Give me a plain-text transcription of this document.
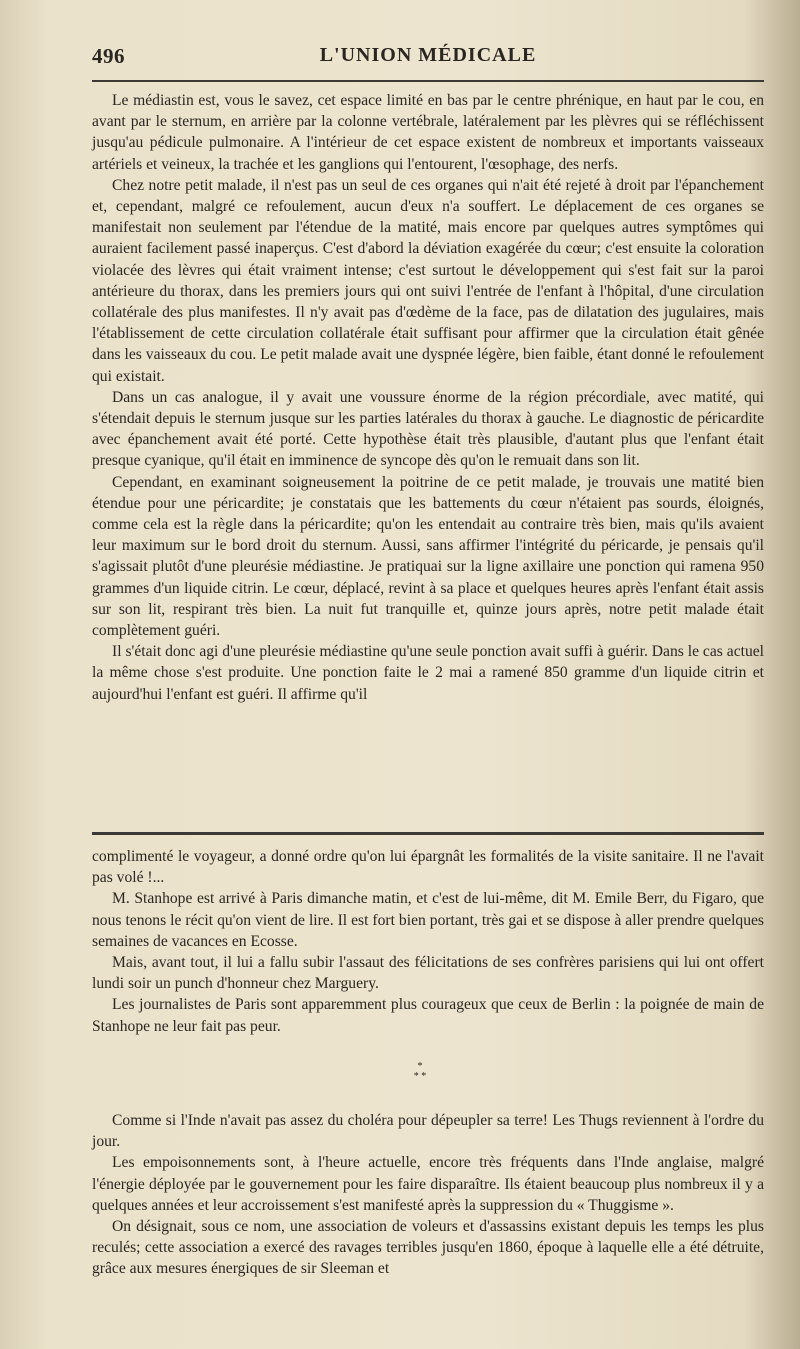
496	L'UNION MÉDICALE

Le médiastin est, vous le savez, cet espace limité en bas par le centre phrénique, en haut par le cou, en avant par le sternum, en arrière par la colonne vertébrale, latéralement par les plèvres qui se réfléchissent jusqu'au pédicule pulmonaire. A l'intérieur de cet espace existent de nombreux et importants vaisseaux artériels et veineux, la trachée et les ganglions qui l'entourent, l'œsophage, des nerfs.

Chez notre petit malade, il n'est pas un seul de ces organes qui n'ait été rejeté à droit par l'épanchement et, cependant, malgré ce refoulement, aucun d'eux n'a souffert. Le déplacement de ces organes se manifestait non seulement par l'étendue de la matité, mais encore par quelques autres symptômes qui auraient facilement passé inaperçus. C'est d'abord la déviation exagérée du cœur; c'est ensuite la coloration violacée des lèvres qui était vraiment intense; c'est surtout le développement qui s'est fait sur la paroi antérieure du thorax, dans les premiers jours qui ont suivi l'entrée de l'enfant à l'hôpital, d'une circulation collatérale des plus manifestes. Il n'y avait pas d'œdème de la face, pas de dilatation des jugulaires, mais l'établissement de cette circulation collatérale était suffisant pour affirmer que la circulation était gênée dans les vaisseaux du cou. Le petit malade avait une dyspnée légère, bien faible, étant donné le refoulement qui existait.

Dans un cas analogue, il y avait une voussure énorme de la région précordiale, avec matité, qui s'étendait depuis le sternum jusque sur les parties latérales du thorax à gauche. Le diagnostic de péricardite avec épanchement avait été porté. Cette hypothèse était très plausible, d'autant plus que l'enfant était presque cyanique, qu'il était en imminence de syncope dès qu'on le remuait dans son lit.

Cependant, en examinant soigneusement la poitrine de ce petit malade, je trouvais une matité bien étendue pour une péricardite; je constatais que les battements du cœur n'étaient pas sourds, éloignés, comme cela est la règle dans la péricardite; qu'on les entendait au contraire très bien, mais qu'ils avaient leur maximum sur le bord droit du sternum. Aussi, sans affirmer l'intégrité du péricarde, je pensais qu'il s'agissait plutôt d'une pleurésie médiastine. Je pratiquai sur la ligne axillaire une ponction qui ramena 950 grammes d'un liquide citrin. Le cœur, déplacé, revint à sa place et quelques heures après l'enfant était assis sur son lit, respirant très bien. La nuit fut tranquille et, quinze jours après, notre petit malade était complètement guéri.

Il s'était donc agi d'une pleurésie médiastine qu'une seule ponction avait suffi à guérir. Dans le cas actuel la même chose s'est produite. Une ponction faite le 2 mai a ramené 850 gramme d'un liquide citrin et aujourd'hui l'enfant est guéri. Il affirme qu'il

complimenté le voyageur, a donné ordre qu'on lui épargnât les formalités de la visite sanitaire. Il ne l'avait pas volé !...

M. Stanhope est arrivé à Paris dimanche matin, et c'est de lui-même, dit M. Emile Berr, du Figaro, que nous tenons le récit qu'on vient de lire. Il est fort bien portant, très gai et se dispose à aller prendre quelques semaines de vacances en Ecosse.

Mais, avant tout, il lui a fallu subir l'assaut des félicitations de ses confrères parisiens qui lui ont offert lundi soir un punch d'honneur chez Marguery.

Les journalistes de Paris sont apparemment plus courageux que ceux de Berlin : la poignée de main de Stanhope ne leur fait pas peur.

*
* *

Comme si l'Inde n'avait pas assez du choléra pour dépeupler sa terre! Les Thugs reviennent à l'ordre du jour.

Les empoisonnements sont, à l'heure actuelle, encore très fréquents dans l'Inde anglaise, malgré l'énergie déployée par le gouvernement pour les faire disparaître. Ils étaient beaucoup plus nombreux il y a quelques années et leur accroissement s'est manifesté après la suppression du « Thuggisme ».

On désignait, sous ce nom, une association de voleurs et d'assassins existant depuis les temps les plus reculés; cette association a exercé des ravages terribles jusqu'en 1860, époque à laquelle elle a été détruite, grâce aux mesures énergiques de sir Sleeman et
